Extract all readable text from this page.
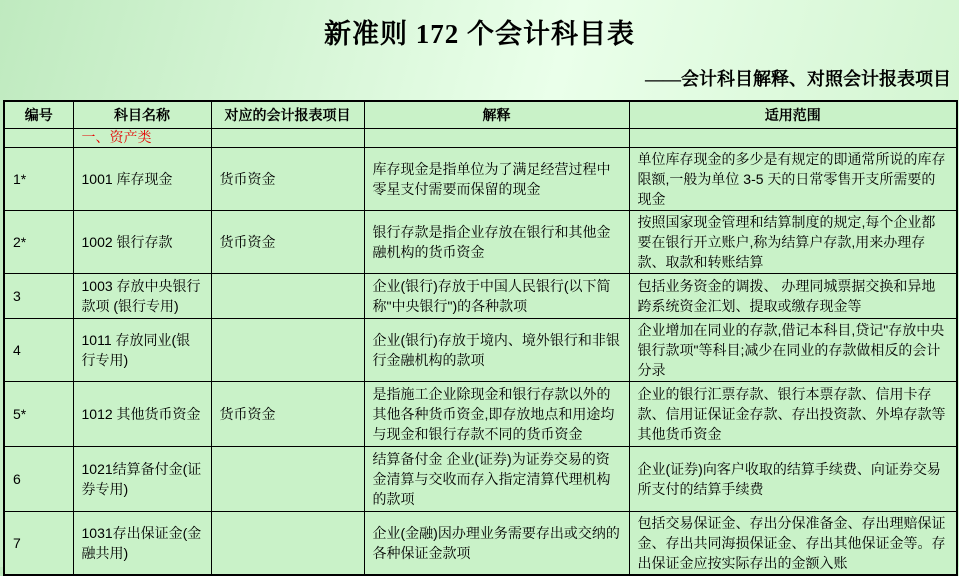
新准则 172 个会计科目表
——会计科目解释、对照会计报表项目
编号	科目名称	对应的会计报表项目	解释	适用范围
	一、资产类			
1*	1001 库存现金	货币资金	库存现金是指单位为了满足经营过程中零星支付需要而保留的现金	单位库存现金的多少是有规定的即通常所说的库存限额,一般为单位 3-5 天的日常零售开支所需要的现金
2*	1002 银行存款	货币资金	银行存款是指企业存放在银行和其他金融机构的货币资金	按照国家现金管理和结算制度的规定,每个企业都要在银行开立账户,称为结算户存款,用来办理存款、取款和转账结算
3	1003 存放中央银行款项 (银行专用)		企业(银行)存放于中国人民银行(以下简称"中央银行")的各种款项	包括业务资金的调拨、 办理同城票据交换和异地跨系统资金汇划、提取或缴存现金等
4	1011 存放同业(银行专用)		企业(银行)存放于境内、境外银行和非银行金融机构的款项	企业增加在同业的存款,借记本科目,贷记"存放中央银行款项"等科目;减少在同业的存款做相反的会计分录
5*	1012 其他货币资金	货币资金	是指施工企业除现金和银行存款以外的其他各种货币资金,即存放地点和用途均与现金和银行存款不同的货币资金	企业的银行汇票存款、银行本票存款、信用卡存款、信用证保证金存款、存出投资款、外埠存款等其他货币资金
6	1021结算备付金(证券专用)		结算备付金 企业(证券)为证券交易的资金清算与交收而存入指定清算代理机构的款项	企业(证券)向客户收取的结算手续费、向证券交易所支付的结算手续费
7	1031存出保证金(金融共用)		企业(金融)因办理业务需要存出或交纳的各种保证金款项	包括交易保证金、存出分保准备金、存出理赔保证金、存出共同海损保证金、存出其他保证金等。存出保证金应按实际存出的金额入账
